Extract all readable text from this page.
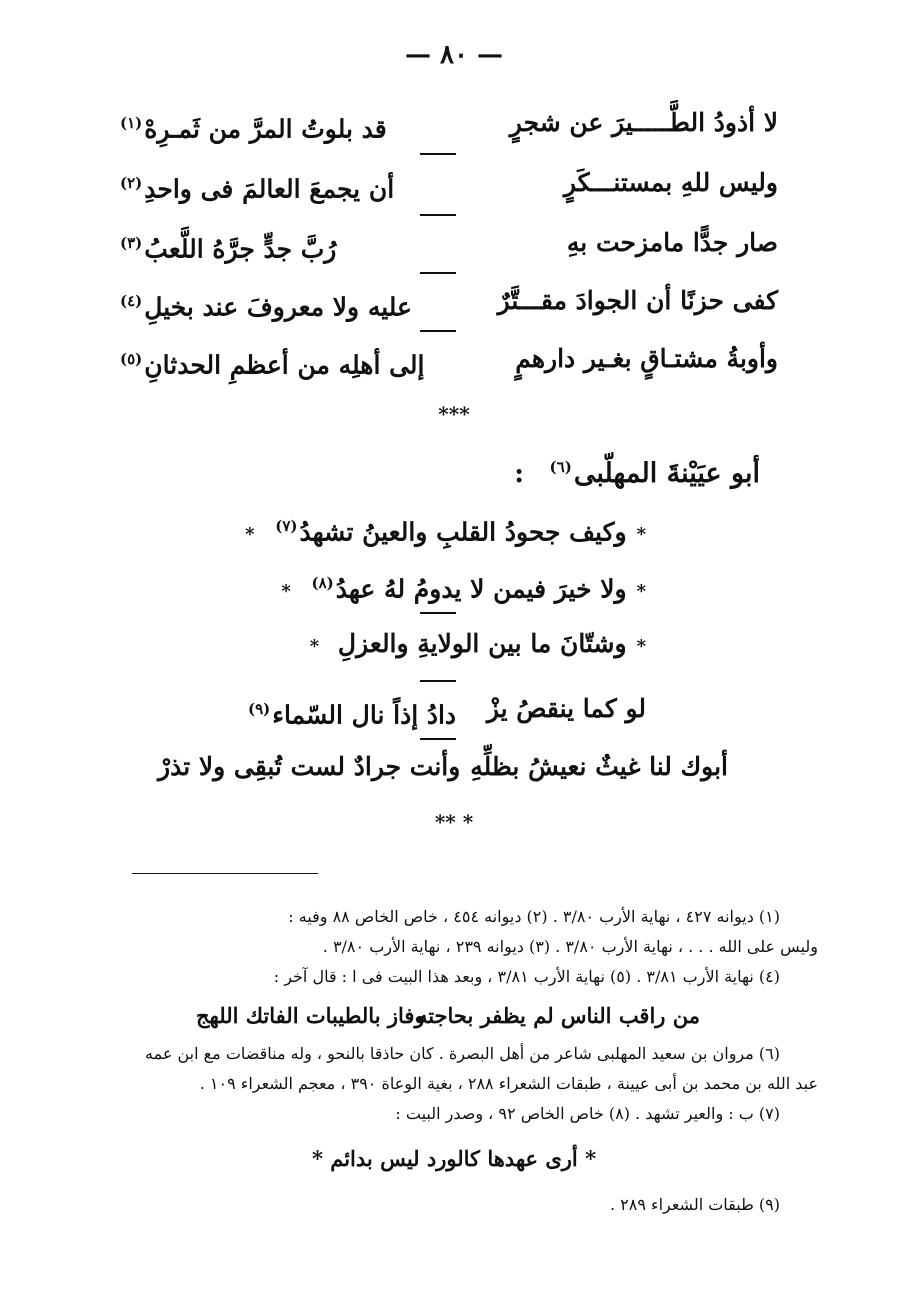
— ٨٠ —
لا أذودُ الطَّـــــيرَ عن شجرٍ
قد بلوتُ المرَّ من ثَمـرِهْ$^{(١)}$
وليس للهِ بمستنـــكَرٍ
أن يجمعَ العالمَ فى واحدِ$^{(٢)}$
صار جدًّا مامزحت بهِ
رُبَّ جدٍّ جرَّهُ اللَّعبُ$^{(٣)}$
كفى حزنًا أن الجوادَ مقـــتَّرٌ
عليه ولا معروفَ عند بخيلِ$^{(٤)}$
وأوبةُ مشتـاقٍ بغـير دارهمٍ
إلى أهلِه من أعظمِ الحدثانِ$^{(٥)}$
***
أبو عيَيْنةَ المهلّبى$^{(٦)}$ :
*وكيف جحودُ القلبِ والعينُ تشهدُ$^{(٧)}$ *
*ولا خيرَ فيمن لا يدومُ لهُ عهدُ$^{(٨)}$ *
*وشتّانَ ما بين الولايةِ والعزلِ *
لو كما ينقصُ يزْ
دادُ إذاً نال السّماء$^{(٩)}$
أبوك لنا غيثٌ نعيشُ بظلِّهِ
وأنت جرادٌ لست تُبقِى ولا تذرْ
** *
(١) ديوانه ٤٢٧ ، نهاية الأرب ٣/٨٠ . (٢) ديوانه ٤٥٤ ، خاص الخاص ٨٨ وفيه :
وليس على الله . . . ، نهاية الأرب ٣/٨٠ . (٣) ديوانه ٢٣٩ ، نهاية الأرب ٣/٨٠ .
(٤) نهاية الأرب ٣/٨١ . (٥) نهاية الأرب ٣/٨١ ، وبعد هذا البيت فى ا : قال آخر :
من راقب الناس لم يظفر بحاجته
وفاز بالطيبات الفاتك اللهج
(٦) مروان بن سعيد المهلبى شاعر من أهل البصرة . كان حاذقا بالنحو ، وله مناقضات مع ابن عمه
عبد الله بن محمد بن أبى عيينة ، طبقات الشعراء ٢٨٨ ، بغية الوعاة ٣٩٠ ، معجم الشعراء ١٠٩ .
(٧) ب : والعير تشهد . (٨) خاص الخاص ٩٢ ، وصدر البيت :
* أرى عهدها كالورد ليس بدائم *
(٩) طبقات الشعراء ٢٨٩ .
